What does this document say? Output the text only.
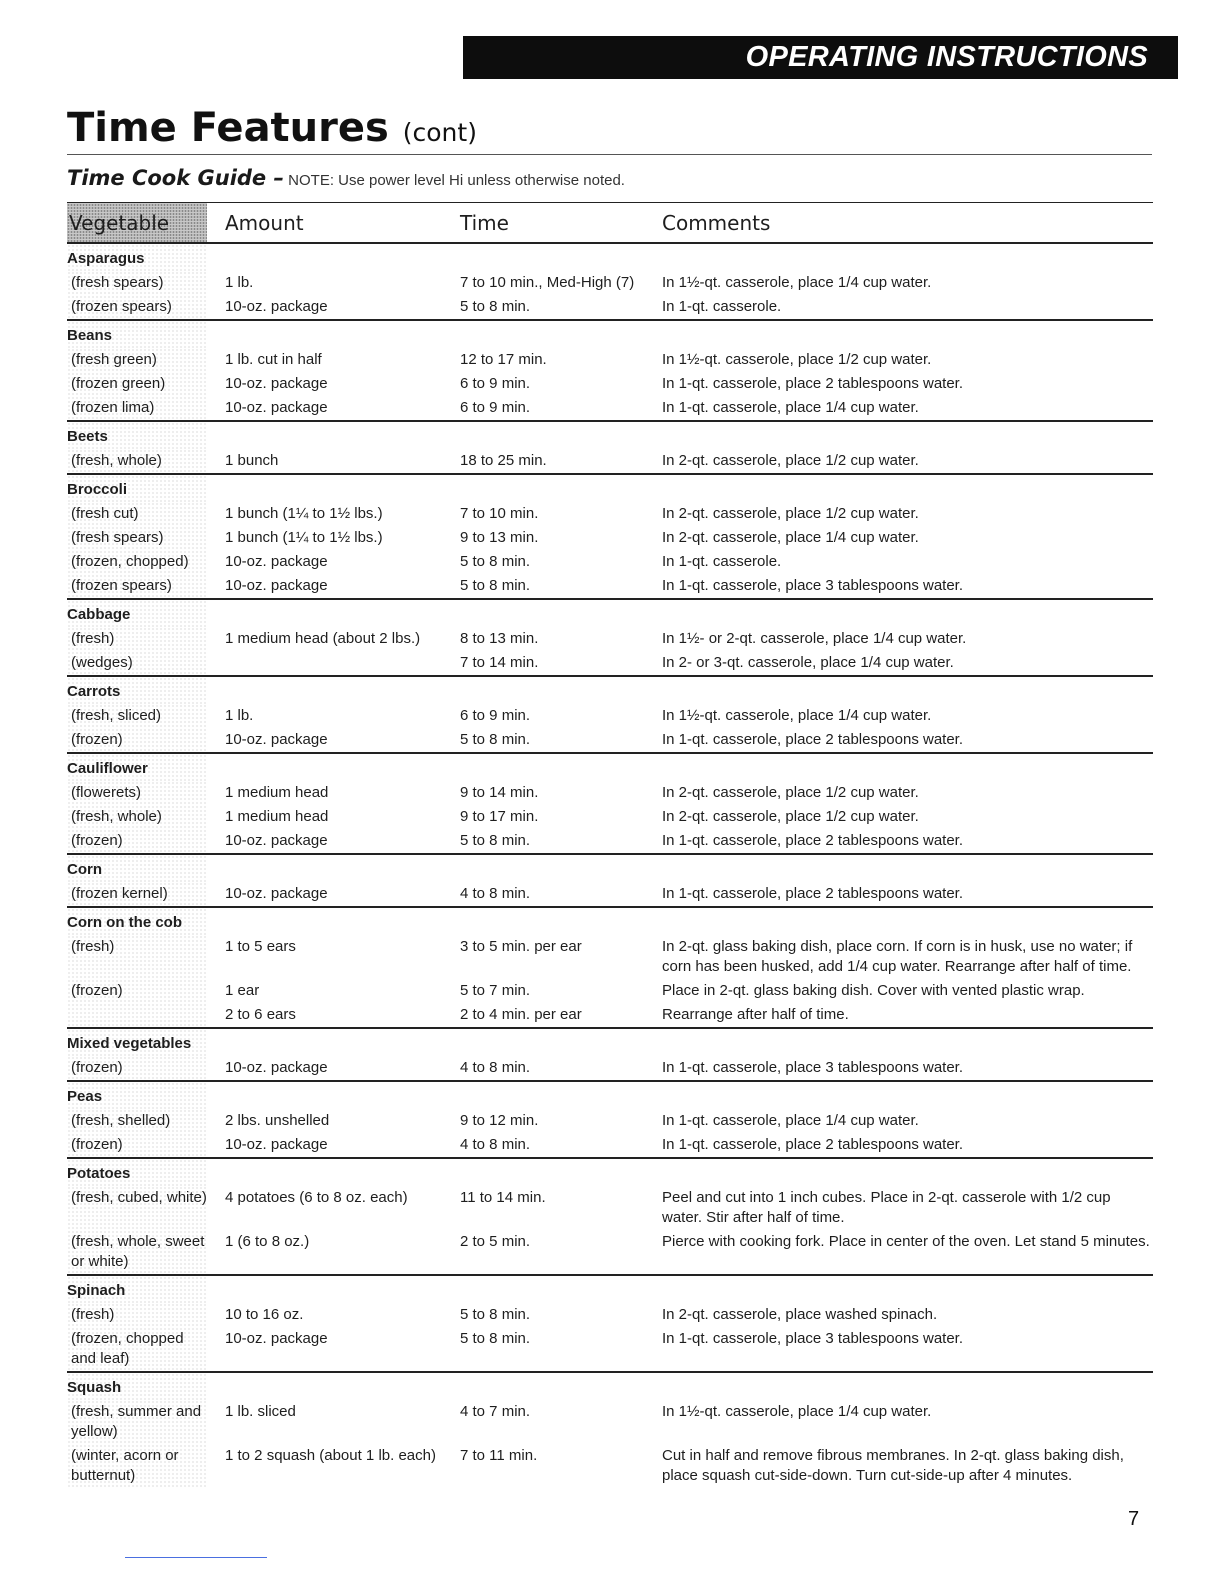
OPERATING INSTRUCTIONS
Time Features (cont)
Time Cook Guide – NOTE: Use power level Hi unless otherwise noted.
Vegetable	Amount	Time	Comments
Asparagus			
(fresh spears)	1 lb.	7 to 10 min., Med-High (7)	In 1½-qt. casserole, place 1/4 cup water.
(frozen spears)	10-oz. package	5 to 8 min.	In 1-qt. casserole.
Beans			
(fresh green)	1 lb. cut in half	12 to 17 min.	In 1½-qt. casserole, place 1/2 cup water.
(frozen green)	10-oz. package	6 to 9 min.	In 1-qt. casserole, place 2 tablespoons water.
(frozen lima)	10-oz. package	6 to 9 min.	In 1-qt. casserole, place 1/4 cup water.
Beets			
(fresh, whole)	1 bunch	18 to 25 min.	In 2-qt. casserole, place 1/2 cup water.
Broccoli			
(fresh cut)	1 bunch (1¼ to 1½ lbs.)	7 to 10 min.	In 2-qt. casserole, place 1/2 cup water.
(fresh spears)	1 bunch (1¼ to 1½ lbs.)	9 to 13 min.	In 2-qt. casserole, place 1/4 cup water.
(frozen, chopped)	10-oz. package	5 to 8 min.	In 1-qt. casserole.
(frozen spears)	10-oz. package	5 to 8 min.	In 1-qt. casserole, place 3 tablespoons water.
Cabbage			
(fresh)	1 medium head (about 2 lbs.)	8 to 13 min.	In 1½- or 2-qt. casserole, place 1/4 cup water.
(wedges)		7 to 14 min.	In 2- or 3-qt. casserole, place 1/4 cup water.
Carrots			
(fresh, sliced)	1 lb.	6 to 9 min.	In 1½-qt. casserole, place 1/4 cup water.
(frozen)	10-oz. package	5 to 8 min.	In 1-qt. casserole, place 2 tablespoons water.
Cauliflower			
(flowerets)	1 medium head	9 to 14 min.	In 2-qt. casserole, place 1/2 cup water.
(fresh, whole)	1 medium head	9 to 17 min.	In 2-qt. casserole, place 1/2 cup water.
(frozen)	10-oz. package	5 to 8 min.	In 1-qt. casserole, place 2 tablespoons water.
Corn			
(frozen kernel)	10-oz. package	4 to 8 min.	In 1-qt. casserole, place 2 tablespoons water.
Corn on the cob			
(fresh)	1 to 5 ears	3 to 5 min. per ear	In 2-qt. glass baking dish, place corn. If corn is in husk, use no water; if corn has been husked, add 1/4 cup water. Rearrange after half of time.
(frozen)	1 ear	5 to 7 min.	Place in 2-qt. glass baking dish. Cover with vented plastic wrap.
	2 to 6 ears	2 to 4 min. per ear	Rearrange after half of time.
Mixed vegetables			
(frozen)	10-oz. package	4 to 8 min.	In 1-qt. casserole, place 3 tablespoons water.
Peas			
(fresh, shelled)	2 lbs. unshelled	9 to 12 min.	In 1-qt. casserole, place 1/4 cup water.
(frozen)	10-oz. package	4 to 8 min.	In 1-qt. casserole, place 2 tablespoons water.
Potatoes			
(fresh, cubed, white)	4 potatoes (6 to 8 oz. each)	11 to 14 min.	Peel and cut into 1 inch cubes. Place in 2-qt. casserole with 1/2 cup water. Stir after half of time.
(fresh, whole, sweet or white)	1 (6 to 8 oz.)	2 to 5 min.	Pierce with cooking fork. Place in center of the oven. Let stand 5 minutes.
Spinach			
(fresh)	10 to 16 oz.	5 to 8 min.	In 2-qt. casserole, place washed spinach.
(frozen, chopped and leaf)	10-oz. package	5 to 8 min.	In 1-qt. casserole, place 3 tablespoons water.
Squash			
(fresh, summer and yellow)	1 lb. sliced	4 to 7 min.	In 1½-qt. casserole, place 1/4 cup water.
(winter, acorn or butternut)	1 to 2 squash (about 1 lb. each)	7 to 11 min.	Cut in half and remove fibrous membranes. In 2-qt. glass baking dish, place squash cut-side-down. Turn cut-side-up after 4 minutes.
7
